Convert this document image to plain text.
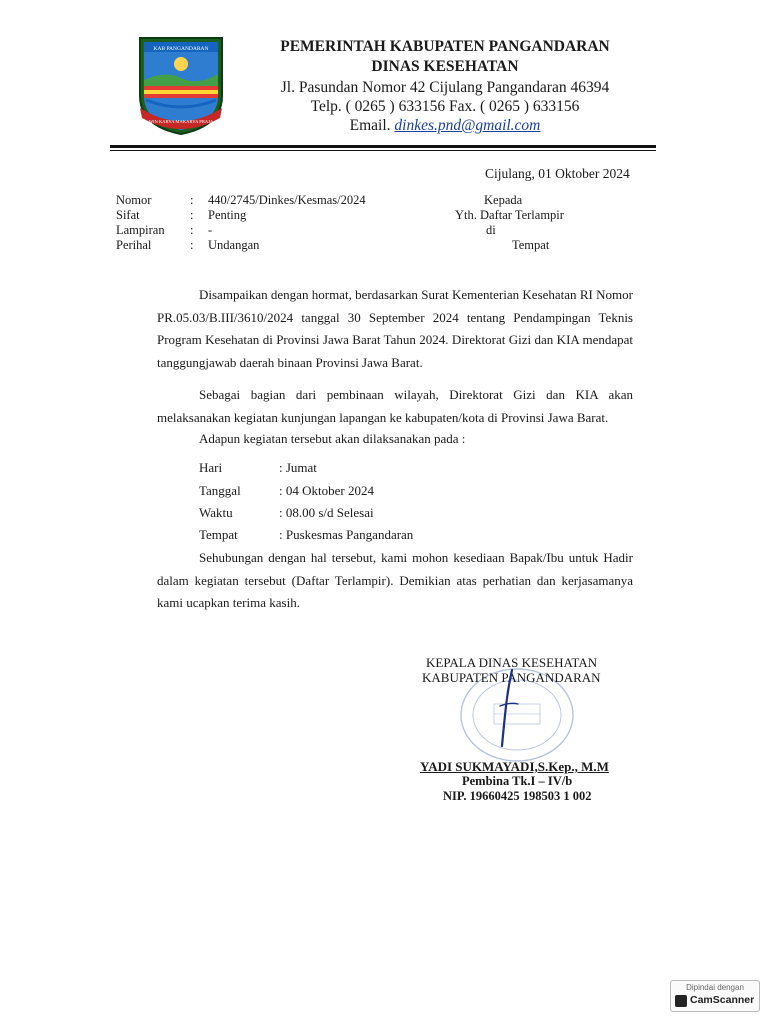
KAB PANGANDARAN
WIN KARYA MAKARYA PRAJA
PEMERINTAH KABUPATEN PANGANDARAN
DINAS KESEHATAN
Jl. Pasundan Nomor 42 Cijulang Pangandaran 46394
Telp. ( 0265 ) 633156 Fax. ( 0265 ) 633156
Email. dinkes.pnd@gmail.com
Cijulang, 01 Oktober 2024
Nomor	: 440/2745/Dinkes/Kesmas/2024
Sifat	: Penting
Lampiran : -
Perihal	: Undangan
Kepada
Yth. Daftar Terlampir
di
Tempat
Disampaikan dengan hormat, berdasarkan Surat Kementerian Kesehatan RI Nomor PR.05.03/B.III/3610/2024 tanggal 30 September 2024 tentang Pendampingan Teknis Program Kesehatan di Provinsi Jawa Barat Tahun 2024. Direktorat Gizi dan KIA mendapat tanggungjawab daerah binaan Provinsi Jawa Barat.
Sebagai bagian dari pembinaan wilayah, Direktorat Gizi dan KIA akan melaksanakan kegiatan kunjungan lapangan ke kabupaten/kota di Provinsi Jawa Barat.
Adapun kegiatan tersebut akan dilaksanakan pada :
Hari	: Jumat
Tanggal	: 04 Oktober 2024
Waktu	: 08.00 s/d Selesai
Tempat	: Puskesmas Pangandaran
Sehubungan dengan hal tersebut, kami mohon kesediaan Bapak/Ibu untuk Hadir dalam kegiatan tersebut (Daftar Terlampir). Demikian atas perhatian dan kerjasamanya kami ucapkan terima kasih.
KEPALA DINAS KESEHATAN
KABUPATEN PANGANDARAN
YADI SUKMAYADI,S.Kep., M.M
Pembina Tk.I – IV/b
NIP. 19660425 198503 1 002
Dipindai dengan
CamScanner
